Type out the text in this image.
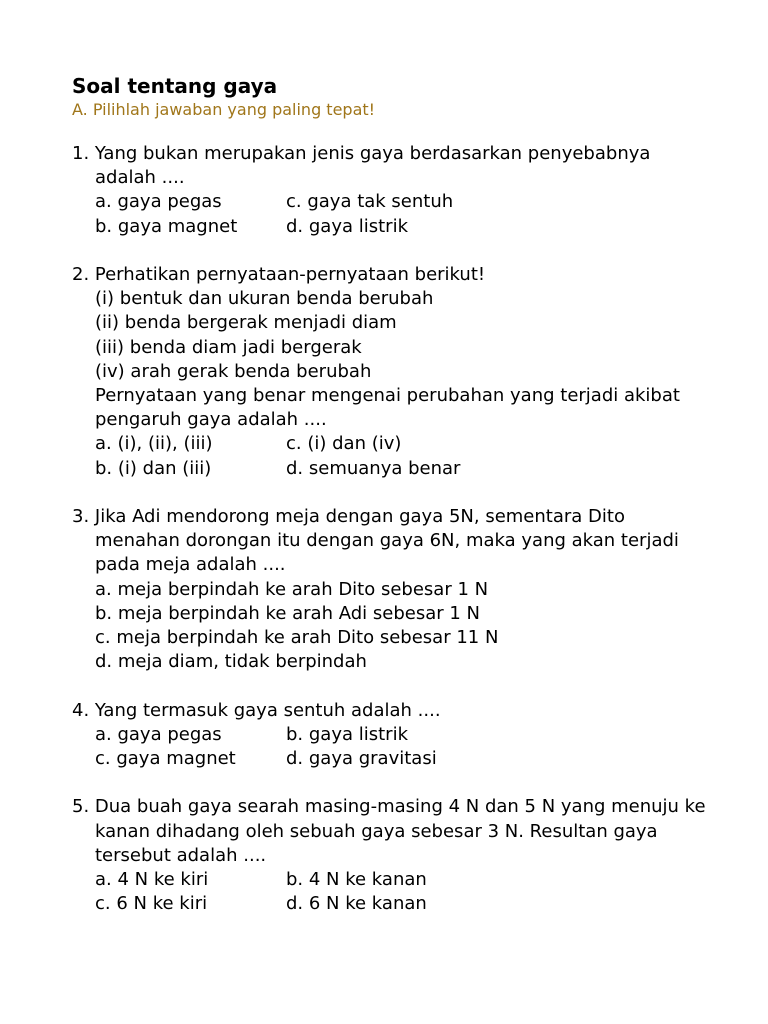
Soal tentang gaya

A. Pilihlah jawaban yang paling tepat!

1. Yang bukan merupakan jenis gaya berdasarkan penyebabnya adalah ....

a. gaya pegas	c. gaya tak sentuh
b. gaya magnet	d. gaya listrik

2. Perhatikan pernyataan-pernyataan berikut!

(i) bentuk dan ukuran benda berubah

(ii) benda bergerak menjadi diam

(iii) benda diam jadi bergerak

(iv) arah gerak benda berubah

Pernyataan yang benar mengenai perubahan yang terjadi akibat pengaruh gaya adalah ....

a. (i), (ii), (iii)	c. (i) dan (iv)
b. (i) dan (iii)	d. semuanya benar

3. Jika Adi mendorong meja dengan gaya 5N, sementara Dito menahan dorongan itu dengan gaya 6N, maka yang akan terjadi pada meja adalah ....

a. meja berpindah ke arah Dito sebesar 1 N
b. meja berpindah ke arah Adi sebesar 1 N
c. meja berpindah ke arah Dito sebesar 11 N
d. meja diam, tidak berpindah

4. Yang termasuk gaya sentuh adalah ....

a. gaya pegas	b. gaya listrik
c. gaya magnet	d. gaya gravitasi

5. Dua buah gaya searah masing-masing 4 N dan 5 N yang menuju ke kanan dihadang oleh sebuah gaya sebesar 3 N. Resultan gaya tersebut adalah ....

a. 4 N ke kiri	b. 4 N ke kanan
c. 6 N ke kiri	d. 6 N ke kanan
